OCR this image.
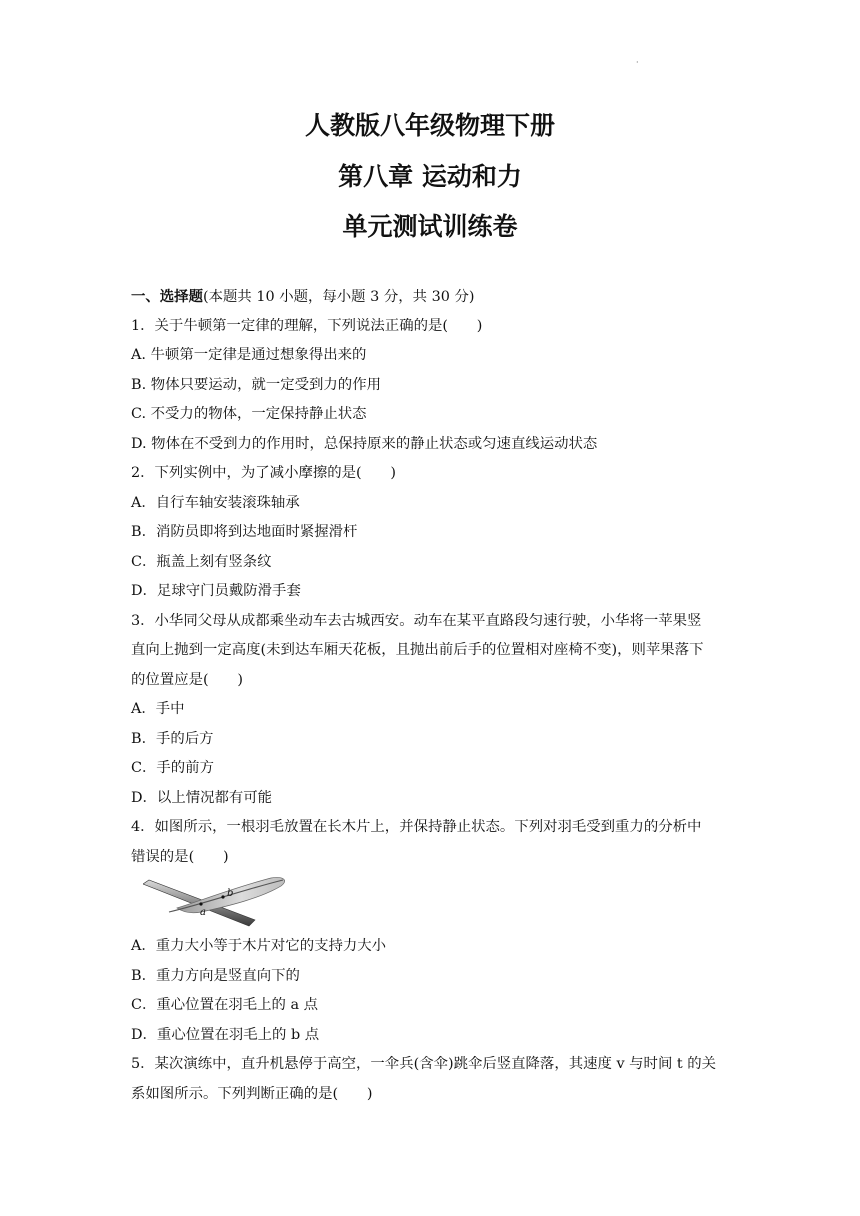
·
人教版八年级物理下册
第八章 运动和力
单元测试训练卷
一、选择题(本题共 10 小题，每小题 3 分，共 30 分)
1．关于牛顿第一定律的理解，下列说法正确的是(　　)
A. 牛顿第一定律是通过想象得出来的
B. 物体只要运动，就一定受到力的作用
C. 不受力的物体，一定保持静止状态
D. 物体在不受到力的作用时，总保持原来的静止状态或匀速直线运动状态
2．下列实例中，为了减小摩擦的是(　　)
A．自行车轴安装滚珠轴承
B．消防员即将到达地面时紧握滑杆
C．瓶盖上刻有竖条纹
D．足球守门员戴防滑手套
3．小华同父母从成都乘坐动车去古城西安。动车在某平直路段匀速行驶，小华将一苹果竖
直向上抛到一定高度(未到达车厢天花板，且抛出前后手的位置相对座椅不变)，则苹果落下
的位置应是(　　)
A．手中
B．手的后方
C．手的前方
D．以上情况都有可能
4．如图所示，一根羽毛放置在长木片上，并保持静止状态。下列对羽毛受到重力的分析中
错误的是(　　)
a
b
A．重力大小等于木片对它的支持力大小
B．重力方向是竖直向下的
C．重心位置在羽毛上的 a 点
D．重心位置在羽毛上的 b 点
5．某次演练中，直升机悬停于高空，一伞兵(含伞)跳伞后竖直降落，其速度 v 与时间 t 的关
系如图所示。下列判断正确的是(　　)
